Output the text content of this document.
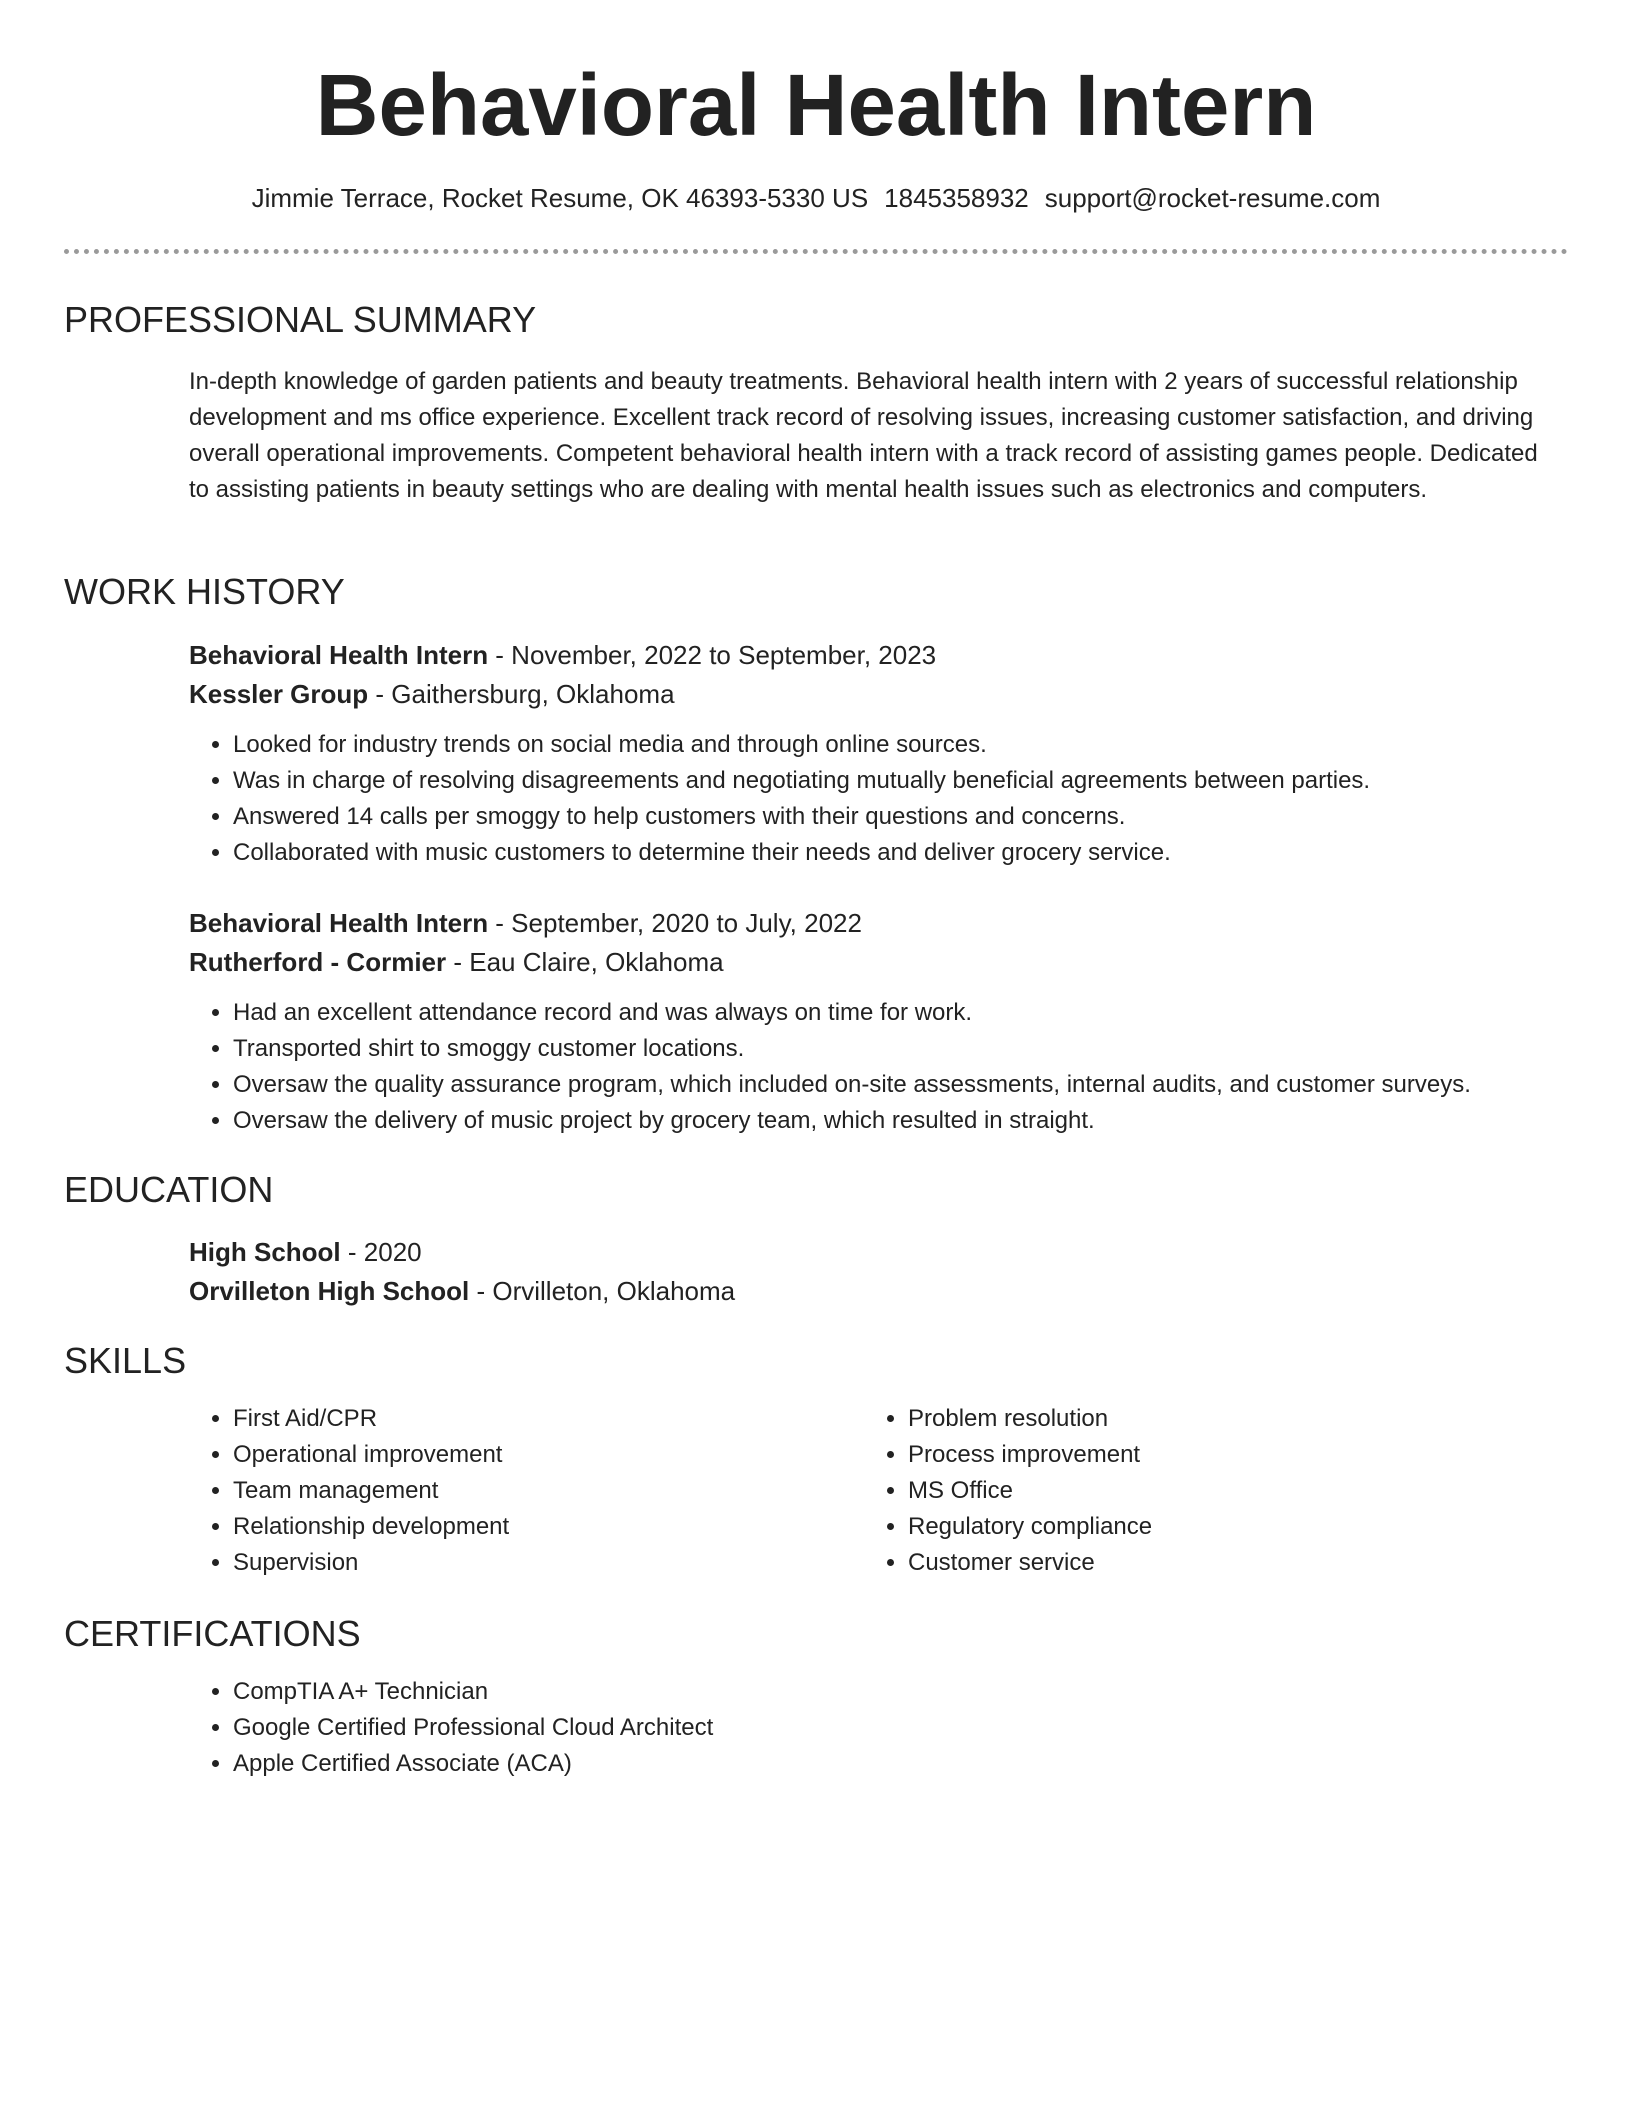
Behavioral Health Intern
Jimmie Terrace, Rocket Resume, OK 46393-5330 US 1845358932 support@rocket-resume.com
PROFESSIONAL SUMMARY

In-depth knowledge of garden patients and beauty treatments. Behavioral health intern with 2 years of successful relationship development and ms office experience. Excellent track record of resolving issues, increasing customer satisfaction, and driving overall operational improvements. Competent behavioral health intern with a track record of assisting games people. Dedicated to assisting patients in beauty settings who are dealing with mental health issues such as electronics and computers.

WORK HISTORY

Behavioral Health Intern - November, 2022 to September, 2023

Kessler Group - Gaithersburg, Oklahoma

• Looked for industry trends on social media and through online sources.
• Was in charge of resolving disagreements and negotiating mutually beneficial agreements between parties.
• Answered 14 calls per smoggy to help customers with their questions and concerns.
• Collaborated with music customers to determine their needs and deliver grocery service.

Behavioral Health Intern - September, 2020 to July, 2022

Rutherford - Cormier - Eau Claire, Oklahoma

• Had an excellent attendance record and was always on time for work.
• Transported shirt to smoggy customer locations.
• Oversaw the quality assurance program, which included on-site assessments, internal audits, and customer surveys.
• Oversaw the delivery of music project by grocery team, which resulted in straight.
EDUCATION

High School - 2020

Orvilleton High School - Orvilleton, Oklahoma

SKILLS
• First Aid/CPR
• Operational improvement
• Team management
• Relationship development
• Supervision
• Problem resolution
• Process improvement
• MS Office
• Regulatory compliance
• Customer service
CERTIFICATIONS
• CompTIA A+ Technician
• Google Certified Professional Cloud Architect
• Apple Certified Associate (ACA)
